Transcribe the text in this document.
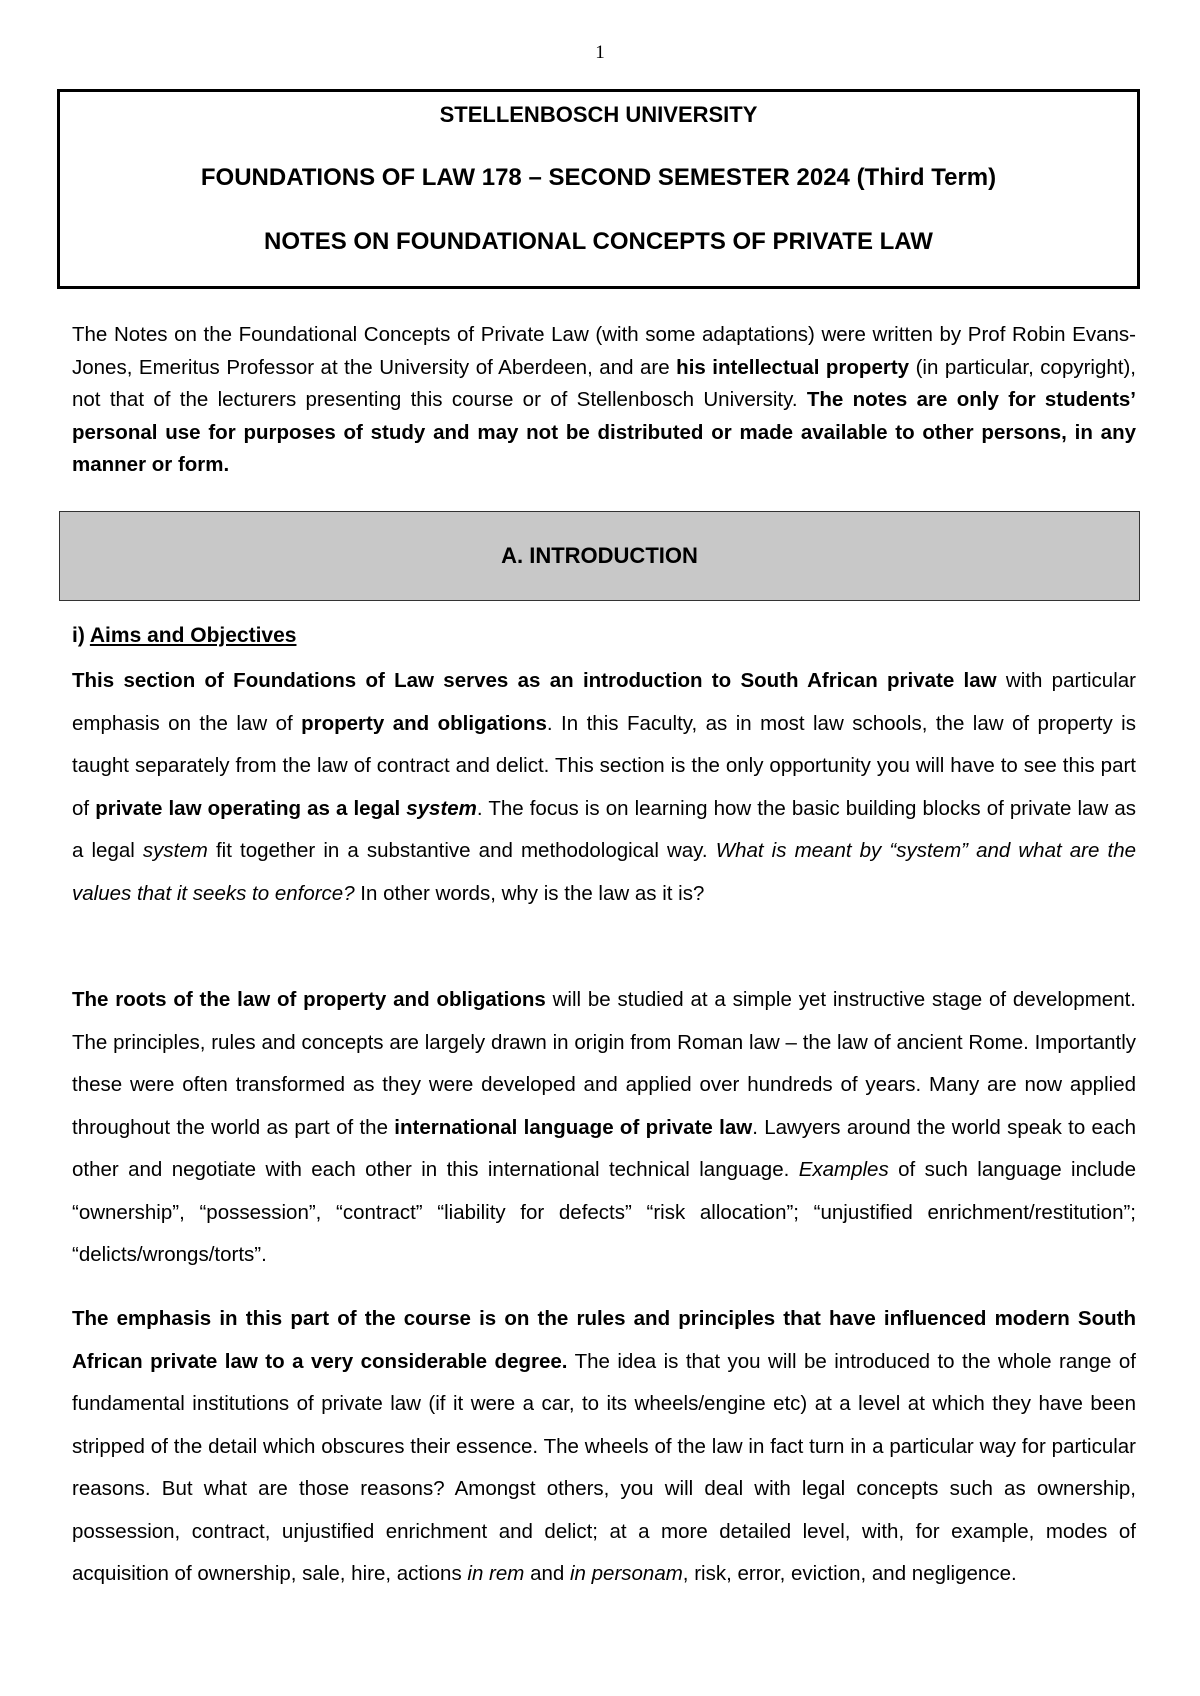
1
STELLENBOSCH UNIVERSITY
FOUNDATIONS OF LAW 178 – SECOND SEMESTER 2024 (Third Term)
NOTES ON FOUNDATIONAL CONCEPTS OF PRIVATE LAW
The Notes on the Foundational Concepts of Private Law (with some adaptations) were written by Prof Robin Evans-Jones, Emeritus Professor at the University of Aberdeen, and are his intellectual property (in particular, copyright), not that of the lecturers presenting this course or of Stellenbosch University. The notes are only for students’ personal use for purposes of study and may not be distributed or made available to other persons, in any manner or form.
A. INTRODUCTION
i) Aims and Objectives
This section of Foundations of Law serves as an introduction to South African private law with particular emphasis on the law of property and obligations. In this Faculty, as in most law schools, the law of property is taught separately from the law of contract and delict. This section is the only opportunity you will have to see this part of private law operating as a legal system. The focus is on learning how the basic building blocks of private law as a legal system fit together in a substantive and methodological way. What is meant by “system” and what are the values that it seeks to enforce? In other words, why is the law as it is?
The roots of the law of property and obligations will be studied at a simple yet instructive stage of development. The principles, rules and concepts are largely drawn in origin from Roman law – the law of ancient Rome. Importantly these were often transformed as they were developed and applied over hundreds of years. Many are now applied throughout the world as part of the international language of private law. Lawyers around the world speak to each other and negotiate with each other in this international technical language. Examples of such language include “ownership”, “possession”, “contract” “liability for defects” “risk allocation”; “unjustified enrichment/restitution”; “delicts/wrongs/torts”.
The emphasis in this part of the course is on the rules and principles that have influenced modern South African private law to a very considerable degree. The idea is that you will be introduced to the whole range of fundamental institutions of private law (if it were a car, to its wheels/engine etc) at a level at which they have been stripped of the detail which obscures their essence. The wheels of the law in fact turn in a particular way for particular reasons. But what are those reasons? Amongst others, you will deal with legal concepts such as ownership, possession, contract, unjustified enrichment and delict; at a more detailed level, with, for example, modes of acquisition of ownership, sale, hire, actions in rem and in personam, risk, error, eviction, and negligence.
